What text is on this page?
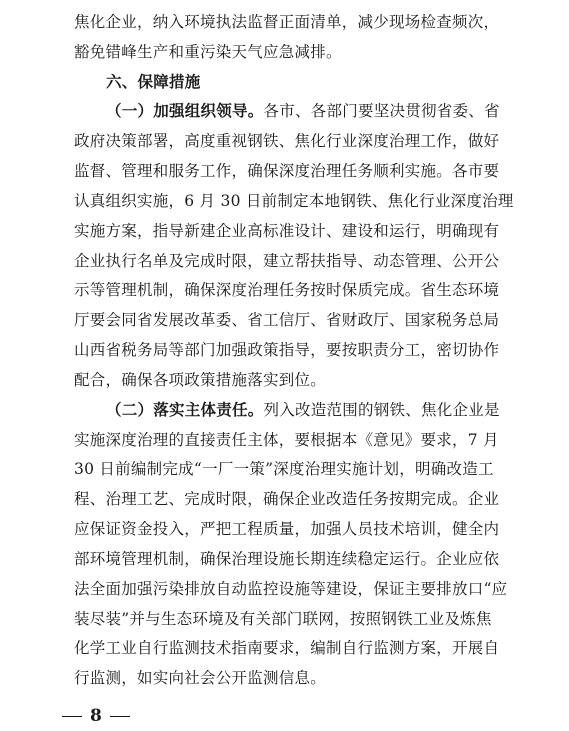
焦化企业，纳入环境执法监督正面清单，减少现场检查频次，
豁免错峰生产和重污染天气应急减排。
六、保障措施
（一）加强组织领导。各市、各部门要坚决贯彻省委、省
政府决策部署，高度重视钢铁、焦化行业深度治理工作，做好
监督、管理和服务工作，确保深度治理任务顺利实施。各市要
认真组织实施，6 月 30 日前制定本地钢铁、焦化行业深度治理
实施方案，指导新建企业高标准设计、建设和运行，明确现有
企业执行名单及完成时限，建立帮扶指导、动态管理、公开公
示等管理机制，确保深度治理任务按时保质完成。省生态环境
厅要会同省发展改革委、省工信厅、省财政厅、国家税务总局
山西省税务局等部门加强政策指导，要按职责分工，密切协作
配合，确保各项政策措施落实到位。
（二）落实主体责任。列入改造范围的钢铁、焦化企业是
实施深度治理的直接责任主体，要根据本《意见》要求，7 月
30 日前编制完成“一厂一策”深度治理实施计划，明确改造工
程、治理工艺、完成时限，确保企业改造任务按期完成。企业
应保证资金投入，严把工程质量，加强人员技术培训，健全内
部环境管理机制，确保治理设施长期连续稳定运行。企业应依
法全面加强污染排放自动监控设施等建设，保证主要排放口“应
装尽装”并与生态环境及有关部门联网，按照钢铁工业及炼焦
化学工业自行监测技术指南要求，编制自行监测方案，开展自
行监测，如实向社会公开监测信息。
8
